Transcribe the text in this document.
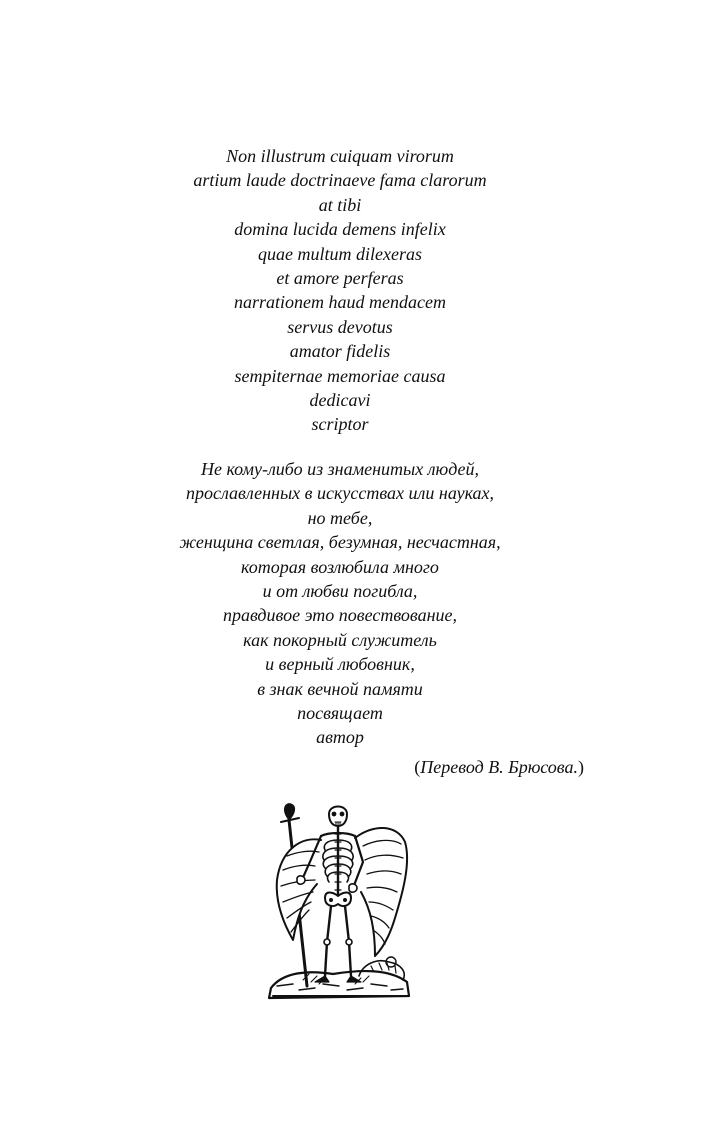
Non illustrum cuiquam virorum
artium laude doctrinaeve fama clarorum
at tibi
domina lucida demens infelix
quae multum dilexeras
et amore perferas
narrationem haud mendacem
servus devotus
amator fidelis
sempiternae memoriae causa
dedicavi
scriptor
Не кому-либо из знаменитых людей,
прославленных в искусствах или науках,
но тебе,
женщина светлая, безумная, несчастная,
которая возлюбила много
и от любви погибла,
правдивое это повествование,
как покорный служитель
и верный любовник,
в знак вечной памяти
посвящает
автор
(Перевод В. Брюсова.)
